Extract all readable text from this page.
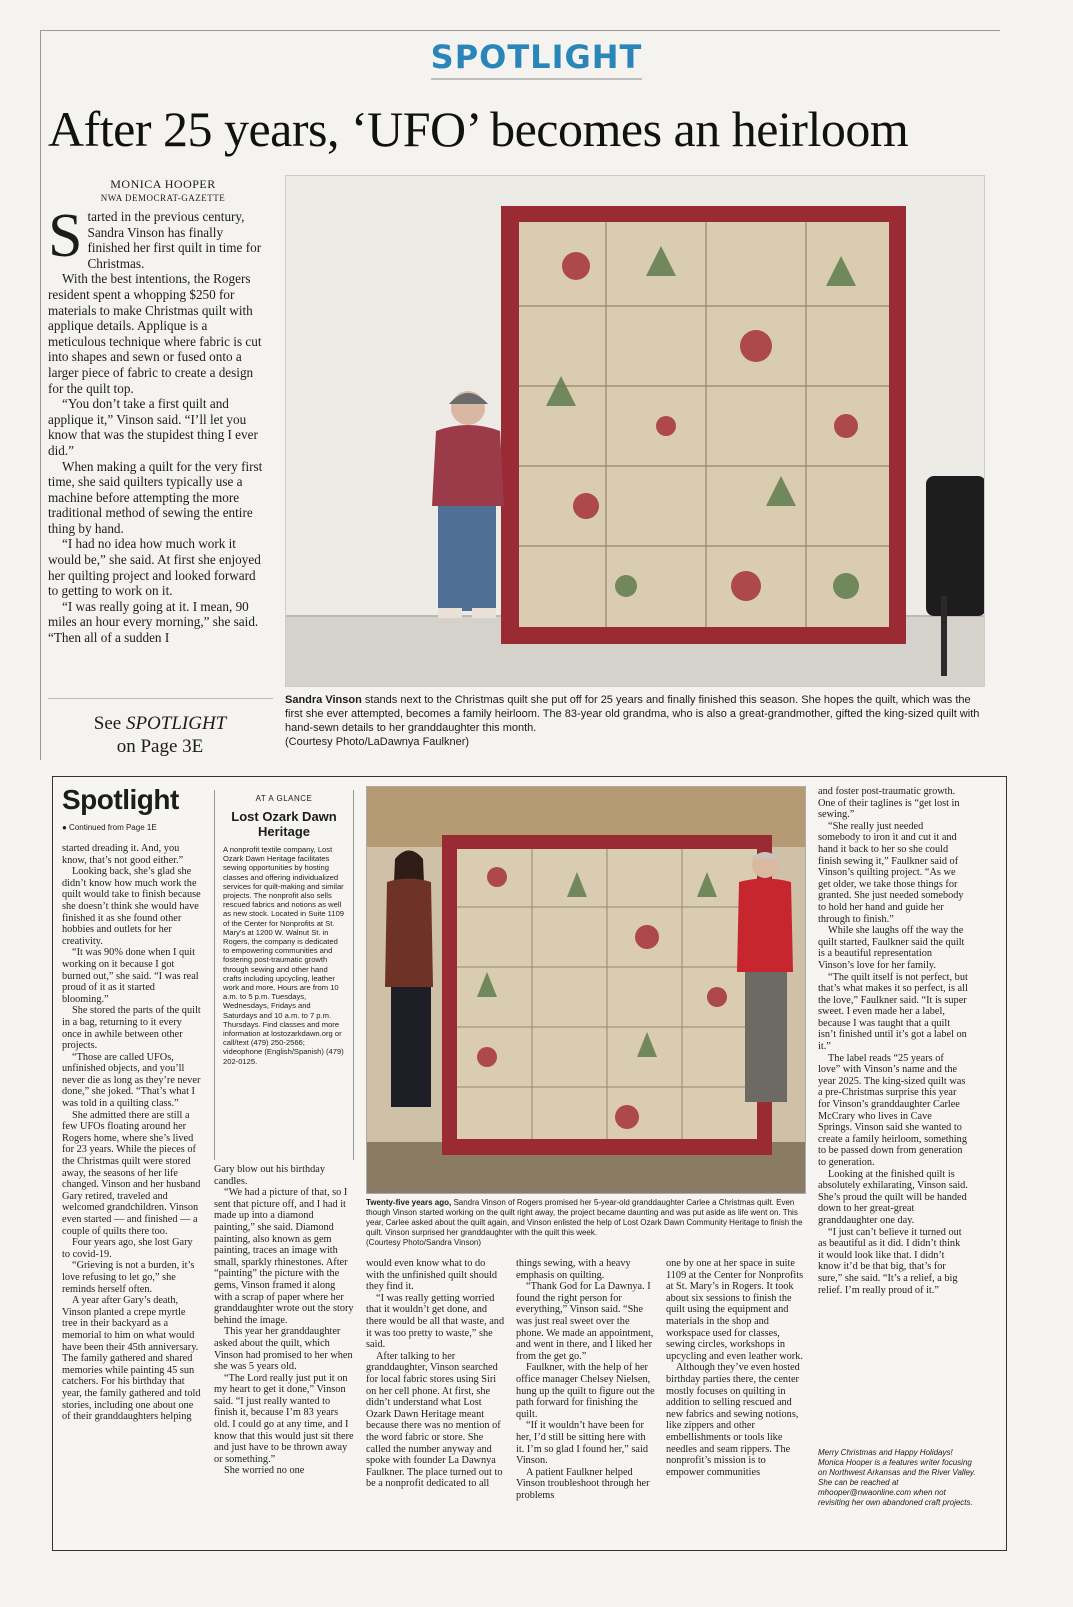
SPOTLIGHT
After 25 years, ‘UFO’ becomes an heirloom
MONICA HOOPER
NWA DEMOCRAT-GAZETTE

Started in the previous century, Sandra Vinson has finally finished her first quilt in time for Christmas.

With the best intentions, the Rogers resident spent a whopping $250 for materials to make Christmas quilt with applique details. Applique is a meticulous technique where fabric is cut into shapes and sewn or fused onto a larger piece of fabric to create a design for the quilt top.

“You don’t take a first quilt and applique it,” Vinson said. “I’ll let you know that was the stupidest thing I ever did.”

When making a quilt for the very first time, she said quilters typically use a machine before attempting the more traditional method of sewing the entire thing by hand.

“I had no idea how much work it would be,” she said. At first she enjoyed her quilting project and looked forward to getting to work on it.

“I was really going at it. I mean, 90 miles an hour every morning,” she said. “Then all of a sudden I

See SPOTLIGHT
on Page 3E
Sandra Vinson stands next to the Christmas quilt she put off for 25 years and finally finished this season. She hopes the quilt, which was the first she ever attempted, becomes a family heirloom. The 83-year old grandma, who is also a great-grandmother, gifted the king-sized quilt with hand-sewn details to her granddaughter this month.
(Courtesy Photo/LaDawnya Faulkner)
Spotlight
● Continued from Page 1E

started dreading it. And, you know, that’s not good either.”

Looking back, she’s glad she didn’t know how much work the quilt would take to finish because she doesn’t think she would have finished it as she found other hobbies and outlets for her creativity.

“It was 90% done when I quit working on it because I got burned out,” she said. “I was real proud of it as it started blooming.”

She stored the parts of the quilt in a bag, returning to it every once in awhile between other projects.

“Those are called UFOs, unfinished objects, and you’ll never die as long as they’re never done,” she joked. “That’s what I was told in a quilting class.”

She admitted there are still a few UFOs floating around her Rogers home, where she’s lived for 23 years. While the pieces of the Christmas quilt were stored away, the seasons of her life changed. Vinson and her husband Gary retired, traveled and welcomed grandchildren. Vinson even started — and finished — a couple of quilts there too.

Four years ago, she lost Gary to covid-19.

“Grieving is not a burden, it’s love refusing to let go,” she reminds herself often.

A year after Gary’s death, Vinson planted a crepe myrtle tree in their backyard as a memorial to him on what would have been their 45th anniversary. The family gathered and shared memories while painting 45 sun catchers. For his birthday that year, the family gathered and told stories, including one about one of their granddaughters helping

AT A GLANCE
Lost Ozark Dawn Heritage
A nonprofit textile company, Lost Ozark Dawn Heritage facilitates sewing opportunities by hosting classes and offering individualized services for quilt-making and similar projects. The nonprofit also sells rescued fabrics and notions as well as new stock. Located in Suite 1109 of the Center for Nonprofits at St. Mary’s at 1200 W. Walnut St. in Rogers, the company is dedicated to empowering communities and fostering post-traumatic growth through sewing and other hand crafts including upcycling, leather work and more. Hours are from 10 a.m. to 5 p.m. Tuesdays, Wednesdays, Fridays and Saturdays and 10 a.m. to 7 p.m. Thursdays. Find classes and more information at lostozarkdawn.org or call/text (479) 250-2566; videophone (English/Spanish) (479) 202-0125.

Gary blow out his birthday candles.

“We had a picture of that, so I sent that picture off, and I had it made up into a diamond painting,” she said. Diamond painting, also known as gem painting, traces an image with small, sparkly rhinestones. After “painting” the picture with the gems, Vinson framed it along with a scrap of paper where her granddaughter wrote out the story behind the image.

This year her granddaughter asked about the quilt, which Vinson had promised to her when she was 5 years old.

“The Lord really just put it on my heart to get it done,” Vinson said. “I just really wanted to finish it, because I’m 83 years old. I could go at any time, and I know that this would just sit there and just have to be thrown away or something.”

She worried no one

Twenty-five years ago, Sandra Vinson of Rogers promised her 5-year-old granddaughter Carlee a Christmas quilt. Even though Vinson started working on the quilt right away, the project became daunting and was put aside as life went on. This year, Carlee asked about the quilt again, and Vinson enlisted the help of Lost Ozark Dawn Community Heritage to finish the quilt. Vinson surprised her granddaughter with the quilt this week.
(Courtesy Photo/Sandra Vinson)

would even know what to do with the unfinished quilt should they find it.

“I was really getting worried that it wouldn’t get done, and there would be all that waste, and it was too pretty to waste,” she said.

After talking to her granddaughter, Vinson searched for local fabric stores using Siri on her cell phone. At first, she didn’t understand what Lost Ozark Dawn Heritage meant because there was no mention of the word fabric or store. She called the number anyway and spoke with founder La Dawnya Faulkner. The place turned out to be a nonprofit dedicated to all

things sewing, with a heavy emphasis on quilting.

“Thank God for La Dawnya. I found the right person for everything,” Vinson said. “She was just real sweet over the phone. We made an appointment, and went in there, and I liked her from the get go.”

Faulkner, with the help of her office manager Chelsey Nielsen, hung up the quilt to figure out the path forward for finishing the quilt.

“If it wouldn’t have been for her, I’d still be sitting here with it. I’m so glad I found her,” said Vinson.

A patient Faulkner helped Vinson troubleshoot through her problems

one by one at her space in suite 1109 at the Center for Nonprofits at St. Mary’s in Rogers. It took about six sessions to finish the quilt using the equipment and materials in the shop and workspace used for classes, sewing circles, workshops in upcycling and even leather work.

Although they’ve even hosted birthday parties there, the center mostly focuses on quilting in addition to selling rescued and new fabrics and sewing notions, like zippers and other embellishments or tools like needles and seam rippers. The nonprofit’s mission is to empower communities

and foster post-traumatic growth. One of their taglines is “get lost in sewing.”

“She really just needed somebody to iron it and cut it and hand it back to her so she could finish sewing it,” Faulkner said of Vinson’s quilting project. “As we get older, we take those things for granted. She just needed somebody to hold her hand and guide her through to finish.”

While she laughs off the way the quilt started, Faulkner said the quilt is a beautiful representation Vinson’s love for her family.

“The quilt itself is not perfect, but that’s what makes it so perfect, is all the love,” Faulkner said. “It is super sweet. I even made her a label, because I was taught that a quilt isn’t finished until it’s got a label on it.”

The label reads “25 years of love” with Vinson’s name and the year 2025. The king-sized quilt was a pre-Christmas surprise this year for Vinson’s granddaughter Carlee McCrary who lives in Cave Springs. Vinson said she wanted to create a family heirloom, something to be passed down from generation to generation.

Looking at the finished quilt is absolutely exhilarating, Vinson said. She’s proud the quilt will be handed down to her great-great granddaughter one day.

“I just can’t believe it turned out as beautiful as it did. I didn’t think it would look like that. I didn’t know it’d be that big, that’s for sure,” she said. “It’s a relief, a big relief. I’m really proud of it.”

Merry Christmas and Happy Holidays! Monica Hooper is a features writer focusing on Northwest Arkansas and the River Valley. She can be reached at mhooper@nwaonline.com when not revisiting her own abandoned craft projects.
